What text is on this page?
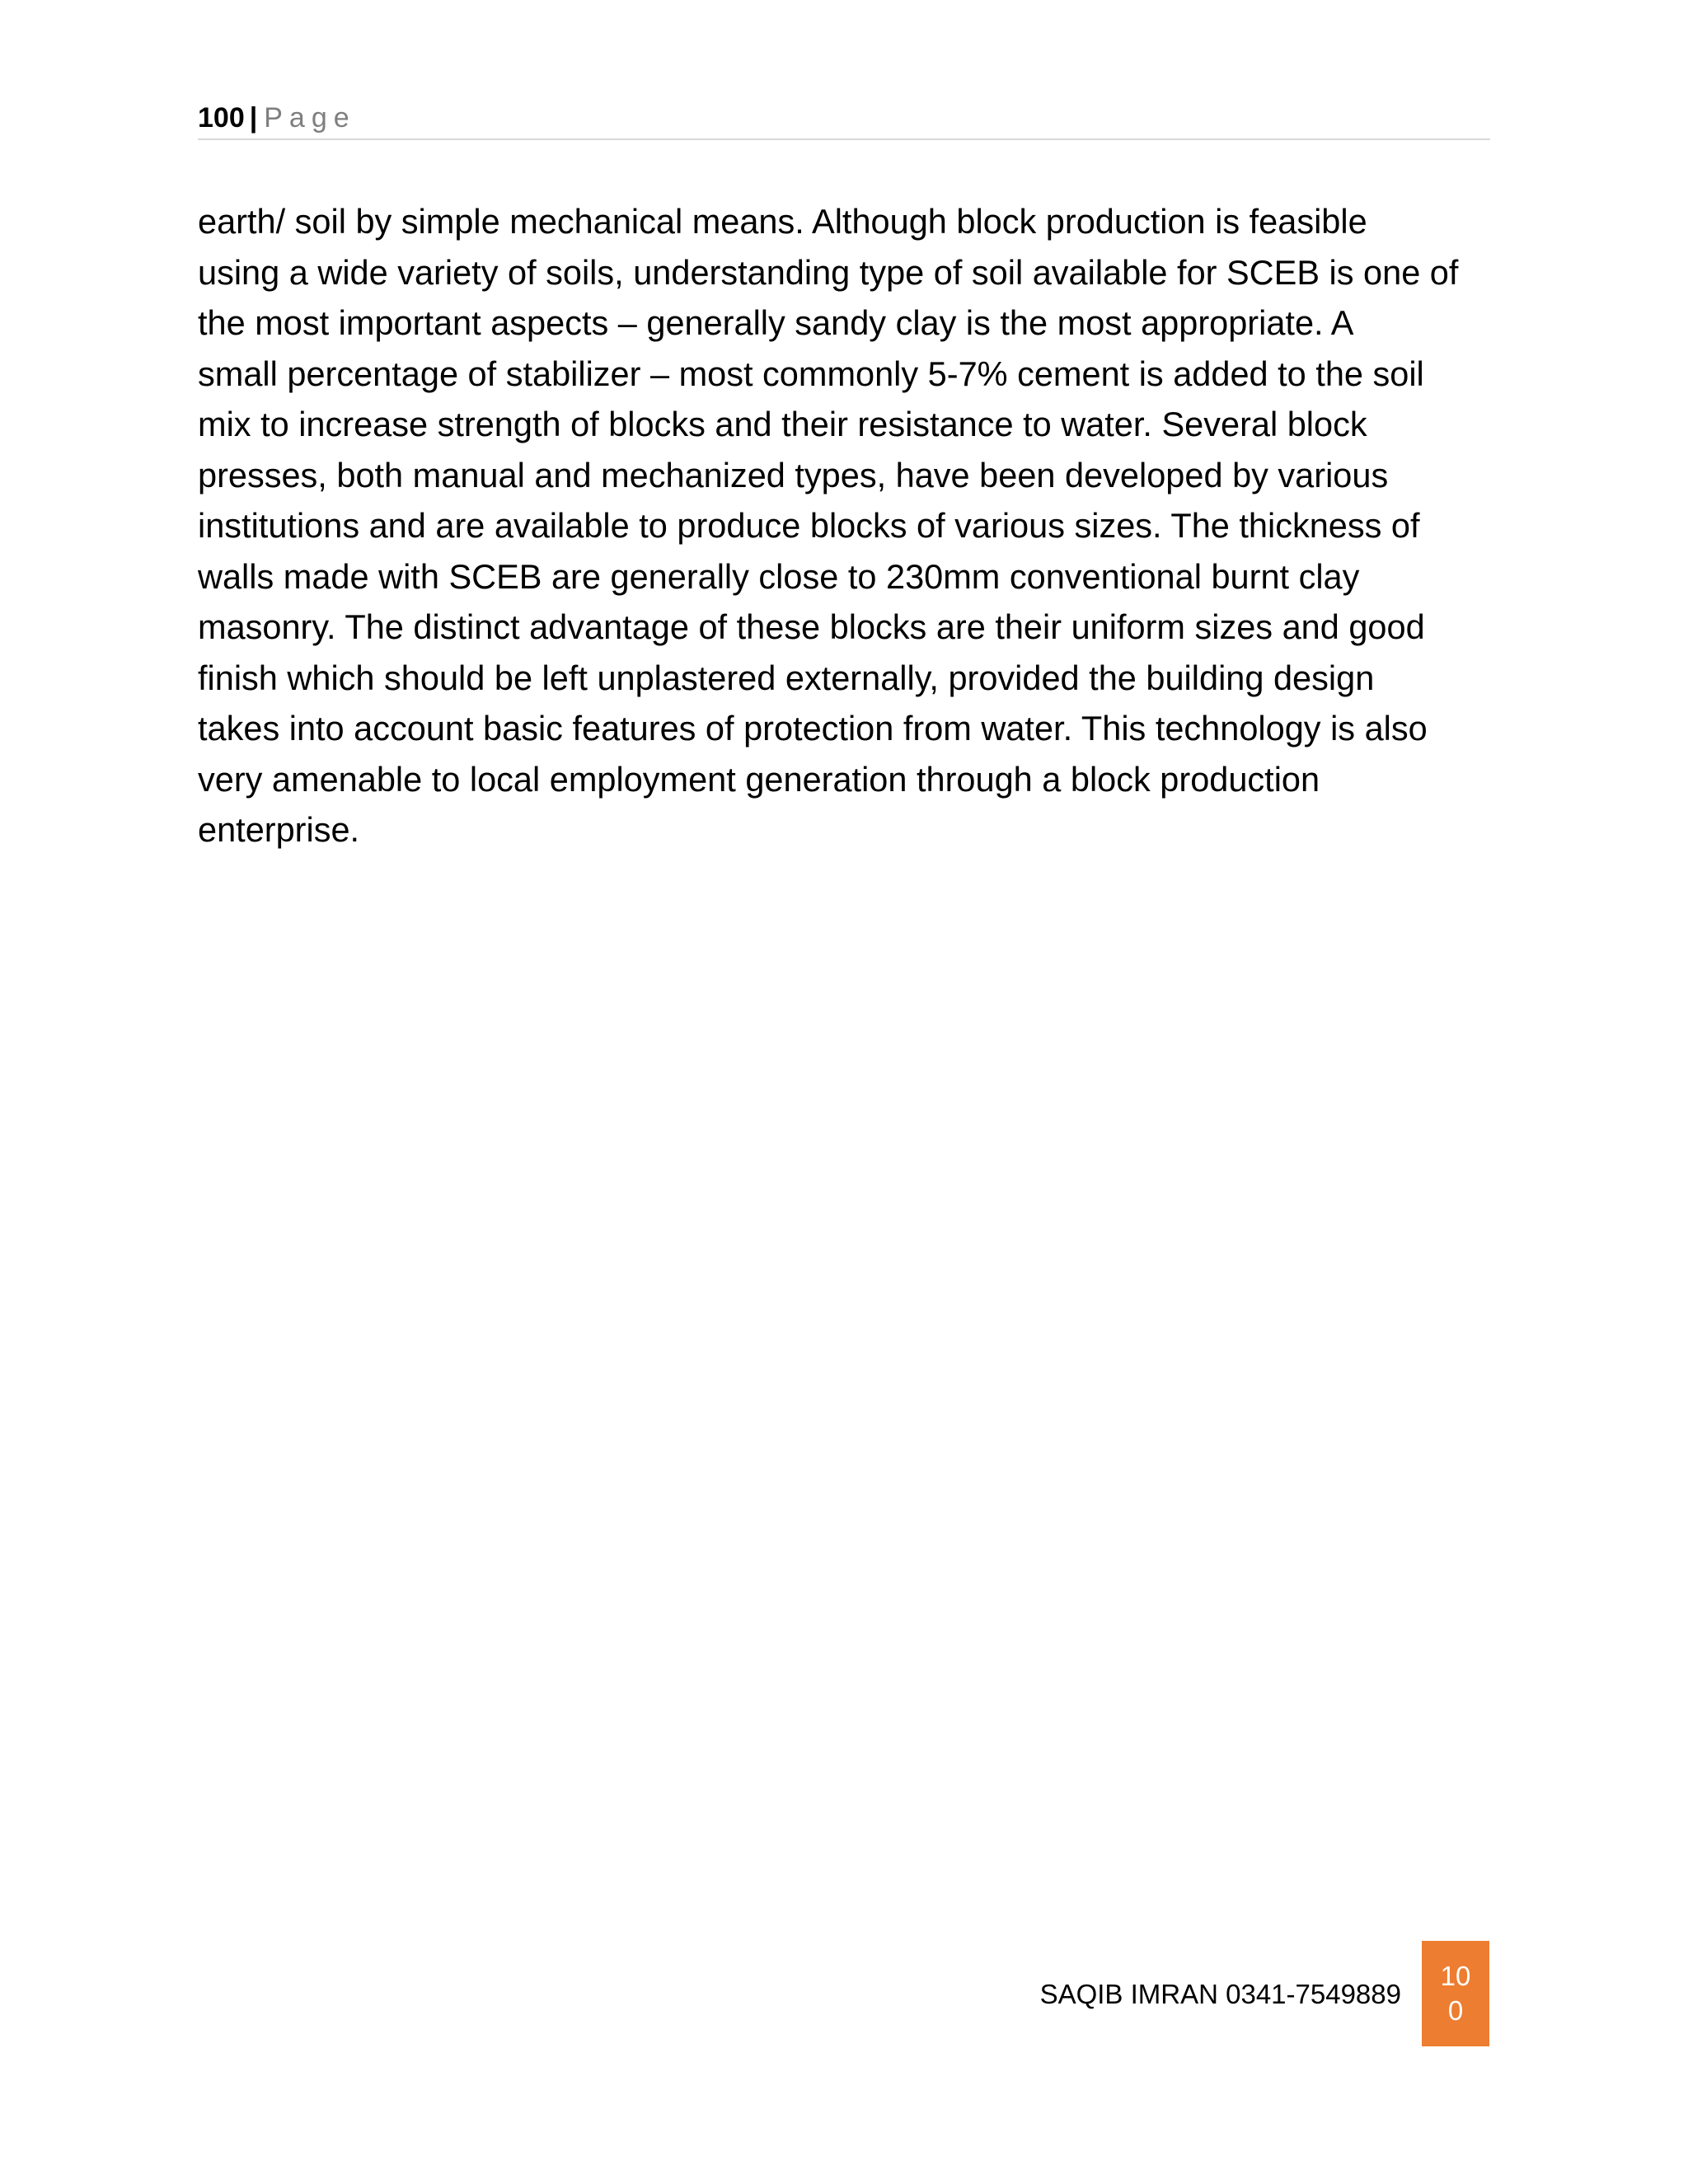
100 | Page
earth/ soil by simple mechanical means. Although block production is feasible
using a wide variety of soils, understanding type of soil available for SCEB is one of
the most important aspects – generally sandy clay is the most appropriate. A
small percentage of stabilizer – most commonly 5-7% cement is added to the soil
mix to increase strength of blocks and their resistance to water. Several block
presses, both manual and mechanized types, have been developed by various
institutions and are available to produce blocks of various sizes. The thickness of
walls made with SCEB are generally close to 230mm conventional burnt clay
masonry. The distinct advantage of these blocks are their uniform sizes and good
finish which should be left unplastered externally, provided the building design
takes into account basic features of protection from water. This technology is also
very amenable to local employment generation through a block production
enterprise.
SAQIB IMRAN 0341-7549889
10
0
